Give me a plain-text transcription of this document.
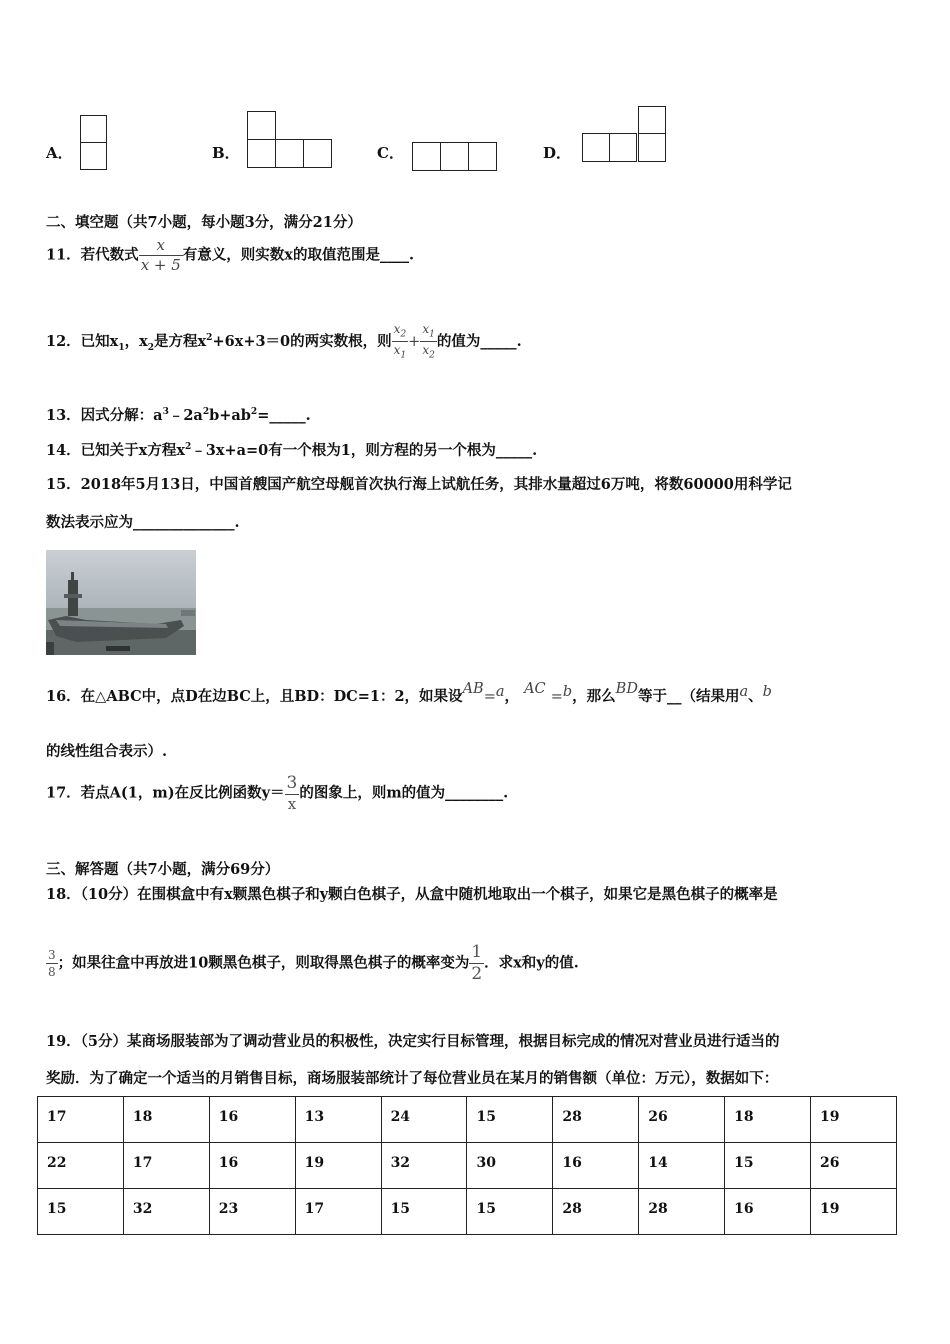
A．	B．	C．	D．
二、填空题（共7小题，每小题3分，满分21分）
11．若代数式 $\frac{x}{x + 5}$ 有意义，则实数x的取值范围是____.
12．已知$x_1$，$x_2$是方程$x^2+6x+3=0$的两实数根，则 $\frac{x_2}{x_1} + \frac{x_1}{x_2}$ 的值为_____.
13．因式分解：$a^3﹣2a^2b+ab^2=\_\_\_\_\_$.
14．已知关于x方程$x^2﹣3x+a=0$有一个根为1，则方程的另一个根为_____.
15．2018年5月13日，中国首艘国产航空母舰首次执行海上试航任务，其排水量超过6万吨，将数60000用科学记
数法表示应为______________.
16．在△ABC中，点D在边BC上，且BD：DC=1：2，如果设AB=a， AC =b，那么BD等于__（结果用a、b
的线性组合表示）.
17．若点A(1，m)在反比例函数$y= \frac{3}{x}$ 的图象上，则m的值为________.
三、解答题（共7小题，满分69分）
18．（10分）在围棋盒中有x颗黑色棋子和y颗白色棋子，从盒中随机地取出一个棋子，如果它是黑色棋子的概率是
$\frac{3}{8}$ ；如果往盒中再放进10颗黑色棋子，则取得黑色棋子的概率变为 $\frac{1}{2}$ ．求x和y的值.
19．（5分）某商场服装部为了调动营业员的积极性，决定实行目标管理，根据目标完成的情况对营业员进行适当的
奖励．为了确定一个适当的月销售目标，商场服装部统计了每位营业员在某月的销售额（单位：万元），数据如下：
17	18	16	13	24	15	28	26	18	19
22	17	16	19	32	30	16	14	15	26
15	32	23	17	15	15	28	28	16	19
